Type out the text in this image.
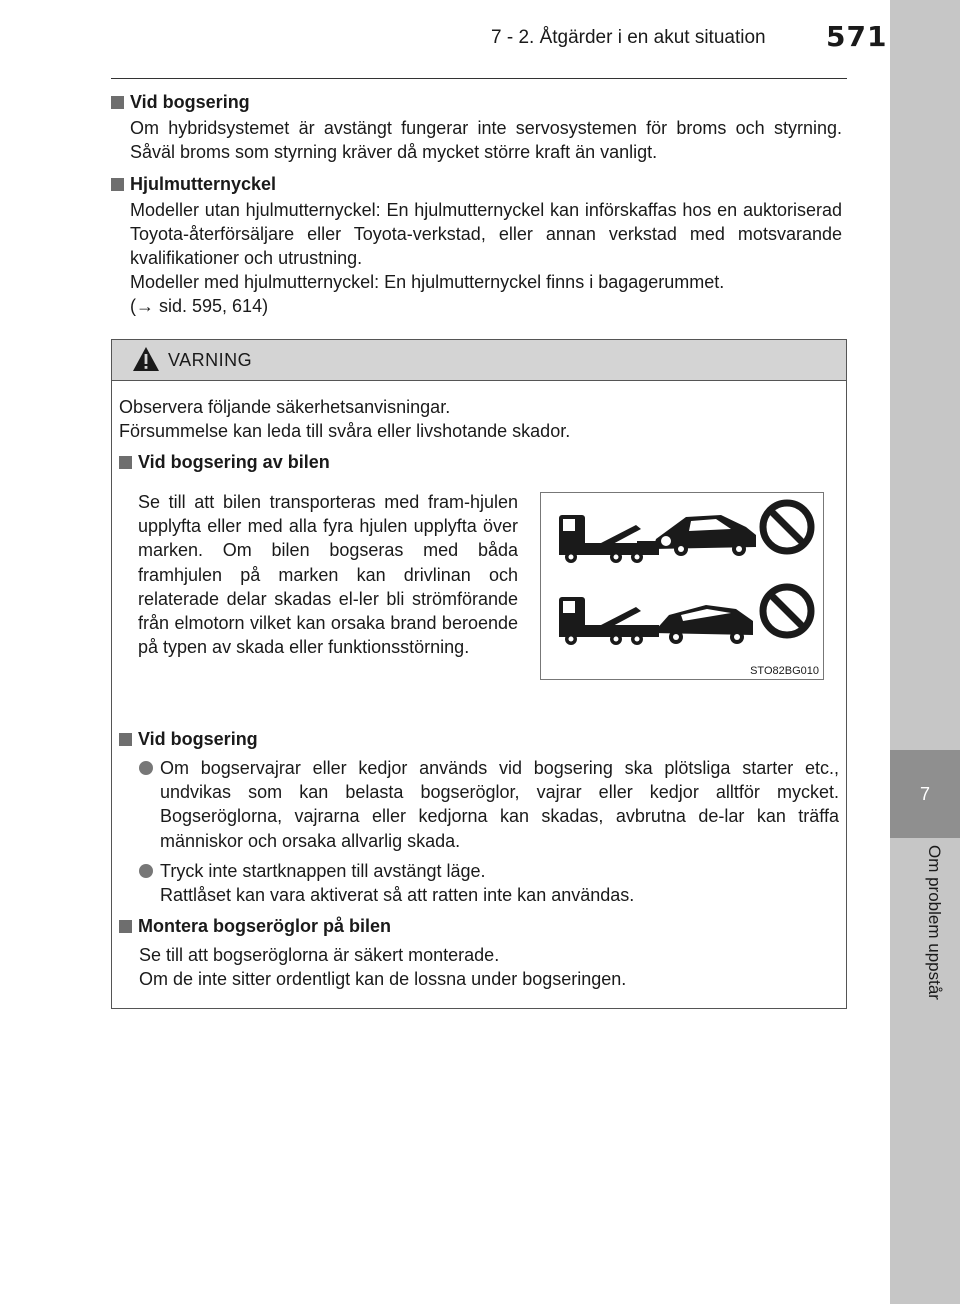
7
Om problem uppstår
7 - 2. Åtgärder i en akut situation 571

Vid bogsering

Om hybridsystemet är avstängt fungerar inte servosystemen för broms och styrning. Såväl broms som styrning kräver då mycket större kraft än vanligt.

Hjulmutternyckel

Modeller utan hjulmutternyckel: En hjulmutternyckel kan införskaffas hos en auktoriserad Toyota-återförsäljare eller Toyota-verkstad, eller annan verkstad med motsvarande kvalifikationer och utrustning.

Modeller med hjulmutternyckel: En hjulmutternyckel finns i bagagerummet.

(→ sid. 595, 614)

VARNING

Observera följande säkerhetsanvisningar.

Försummelse kan leda till svåra eller livshotande skador.

Vid bogsering av bilen

Se till att bilen transporteras med fram-hjulen upplyfta eller med alla fyra hjulen upplyfta över marken. Om bilen bogseras med båda framhjulen på marken kan drivlinan och relaterade delar skadas el-ler bli strömförande från elmotorn vilket kan orsaka brand beroende på typen av skada eller funktionsstörning.
STO82BG010

Vid bogsering

Om bogservajrar eller kedjor används vid bogsering ska plötsliga starter etc., undvikas som kan belasta bogseröglor, vajrar eller kedjor alltför mycket. Bogseröglorna, vajrarna eller kedjorna kan skadas, avbrutna de-lar kan träffa människor och orsaka allvarlig skada.
Tryck inte startknappen till avstängt läge.
Rattlåset kan vara aktiverat så att ratten inte kan användas.

Montera bogseröglor på bilen

Se till att bogseröglorna är säkert monterade.

Om de inte sitter ordentligt kan de lossna under bogseringen.
